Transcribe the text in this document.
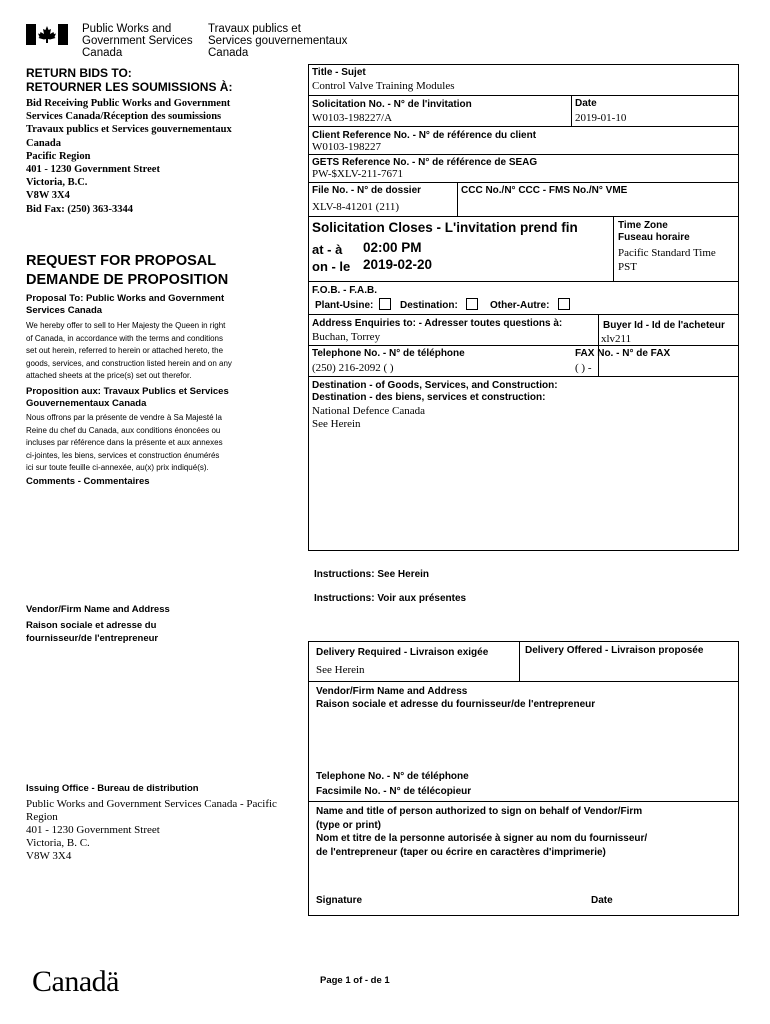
Public Works and
Government Services
Canada
Travaux publics et
Services gouvernementaux
Canada
RETURN BIDS TO:
RETOURNER LES SOUMISSIONS À:
Bid Receiving Public Works and Government
Services Canada/Réception des soumissions
Travaux publics et Services gouvernementaux
Canada
Pacific Region
401 - 1230 Government Street
Victoria, B.C.
V8W 3X4
Bid Fax: (250) 363-3344
REQUEST FOR PROPOSAL
DEMANDE DE PROPOSITION
Proposal To: Public Works and Government
Services Canada
We hereby offer to sell to Her Majesty the Queen in right
of Canada, in accordance with the terms and conditions
set out herein, referred to herein or attached hereto, the
goods, services, and construction listed herein and on any
attached sheets at the price(s) set out therefor.
Proposition aux: Travaux Publics et Services
Gouvernementaux Canada
Nous offrons par la présente de vendre à Sa Majesté la
Reine du chef du Canada, aux conditions énoncées ou
incluses par référence dans la présente et aux annexes
ci-jointes, les biens, services et construction énumérés
ici sur toute feuille ci-annexée, au(x) prix indiqué(s).
Comments - Commentaires
Vendor/Firm Name and Address
Raison sociale et adresse du
fournisseur/de l'entrepreneur
Issuing Office - Bureau de distribution
Public Works and Government Services Canada - Pacific
Region
401 - 1230 Government Street
Victoria, B. C.
V8W 3X4
Title - Sujet
Control Valve Training Modules
Solicitation No. - N° de l'invitation
W0103-198227/A
Date
2019-01-10
Client Reference No. - N° de référence du client
W0103-198227
GETS Reference No. - N° de référence de SEAG
PW-$XLV-211-7671
File No. - N° de dossier
XLV-8-41201 (211)
CCC No./N° CCC - FMS No./N° VME
Solicitation Closes - L'invitation prend fin
at - à 02:00 PM
on - le 2019-02-20
Time Zone
Fuseau horaire
Pacific Standard Time
PST
F.O.B. - F.A.B.
Plant-Usine:	Destination:	Other-Autre:
Address Enquiries to: - Adresser toutes questions à:
Buchan, Torrey
Buyer Id - Id de l'acheteur
xlv211
Telephone No. - N° de téléphone
(250) 216-2092 ( )
FAX No. - N° de FAX
( ) -
Destination - of Goods, Services, and Construction:
Destination - des biens, services et construction:
National Defence Canada
See Herein
Instructions: See Herein
Instructions: Voir aux présentes
Delivery Required - Livraison exigée
See Herein
Delivery Offered - Livraison proposée
Vendor/Firm Name and Address
Raison sociale et adresse du fournisseur/de l'entrepreneur
Telephone No. - N° de téléphone
Facsimile No. - N° de télécopieur
Name and title of person authorized to sign on behalf of Vendor/Firm
(type or print)
Nom et titre de la personne autorisée à signer au nom du fournisseur/
de l'entrepreneur (taper ou écrire en caractères d'imprimerie)
Signature	Date
Canadä	Page 1 of - de 1
